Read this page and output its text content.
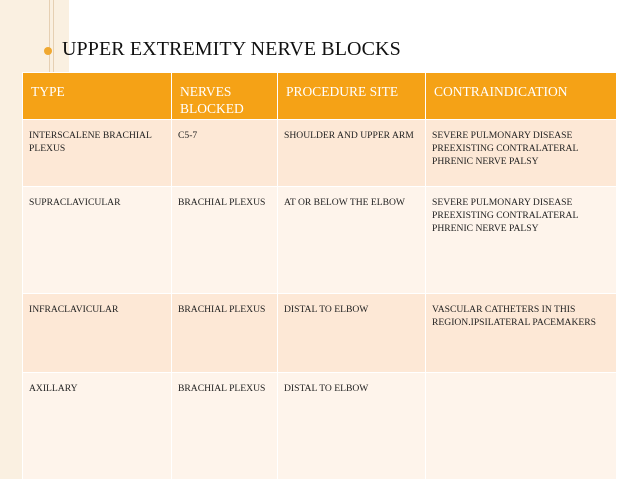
UPPER EXTREMITY NERVE BLOCKS
TYPE	NERVES BLOCKED	PROCEDURE SITE	CONTRAINDICATION

INTERSCALENE BRACHIAL PLEXUS	C5-7	SHOULDER AND UPPER ARM	SEVERE PULMONARY DISEASE PREEXISTING CONTRALATERAL PHRENIC NERVE PALSY

SUPRACLAVICULAR	BRACHIAL PLEXUS	AT OR BELOW THE ELBOW	SEVERE PULMONARY DISEASE PREEXISTING CONTRALATERAL PHRENIC NERVE PALSY

INFRACLAVICULAR	BRACHIAL PLEXUS	DISTAL TO ELBOW	VASCULAR CATHETERS IN THIS REGION.IPSILATERAL PACEMAKERS

AXILLARY	BRACHIAL PLEXUS	DISTAL TO ELBOW	
